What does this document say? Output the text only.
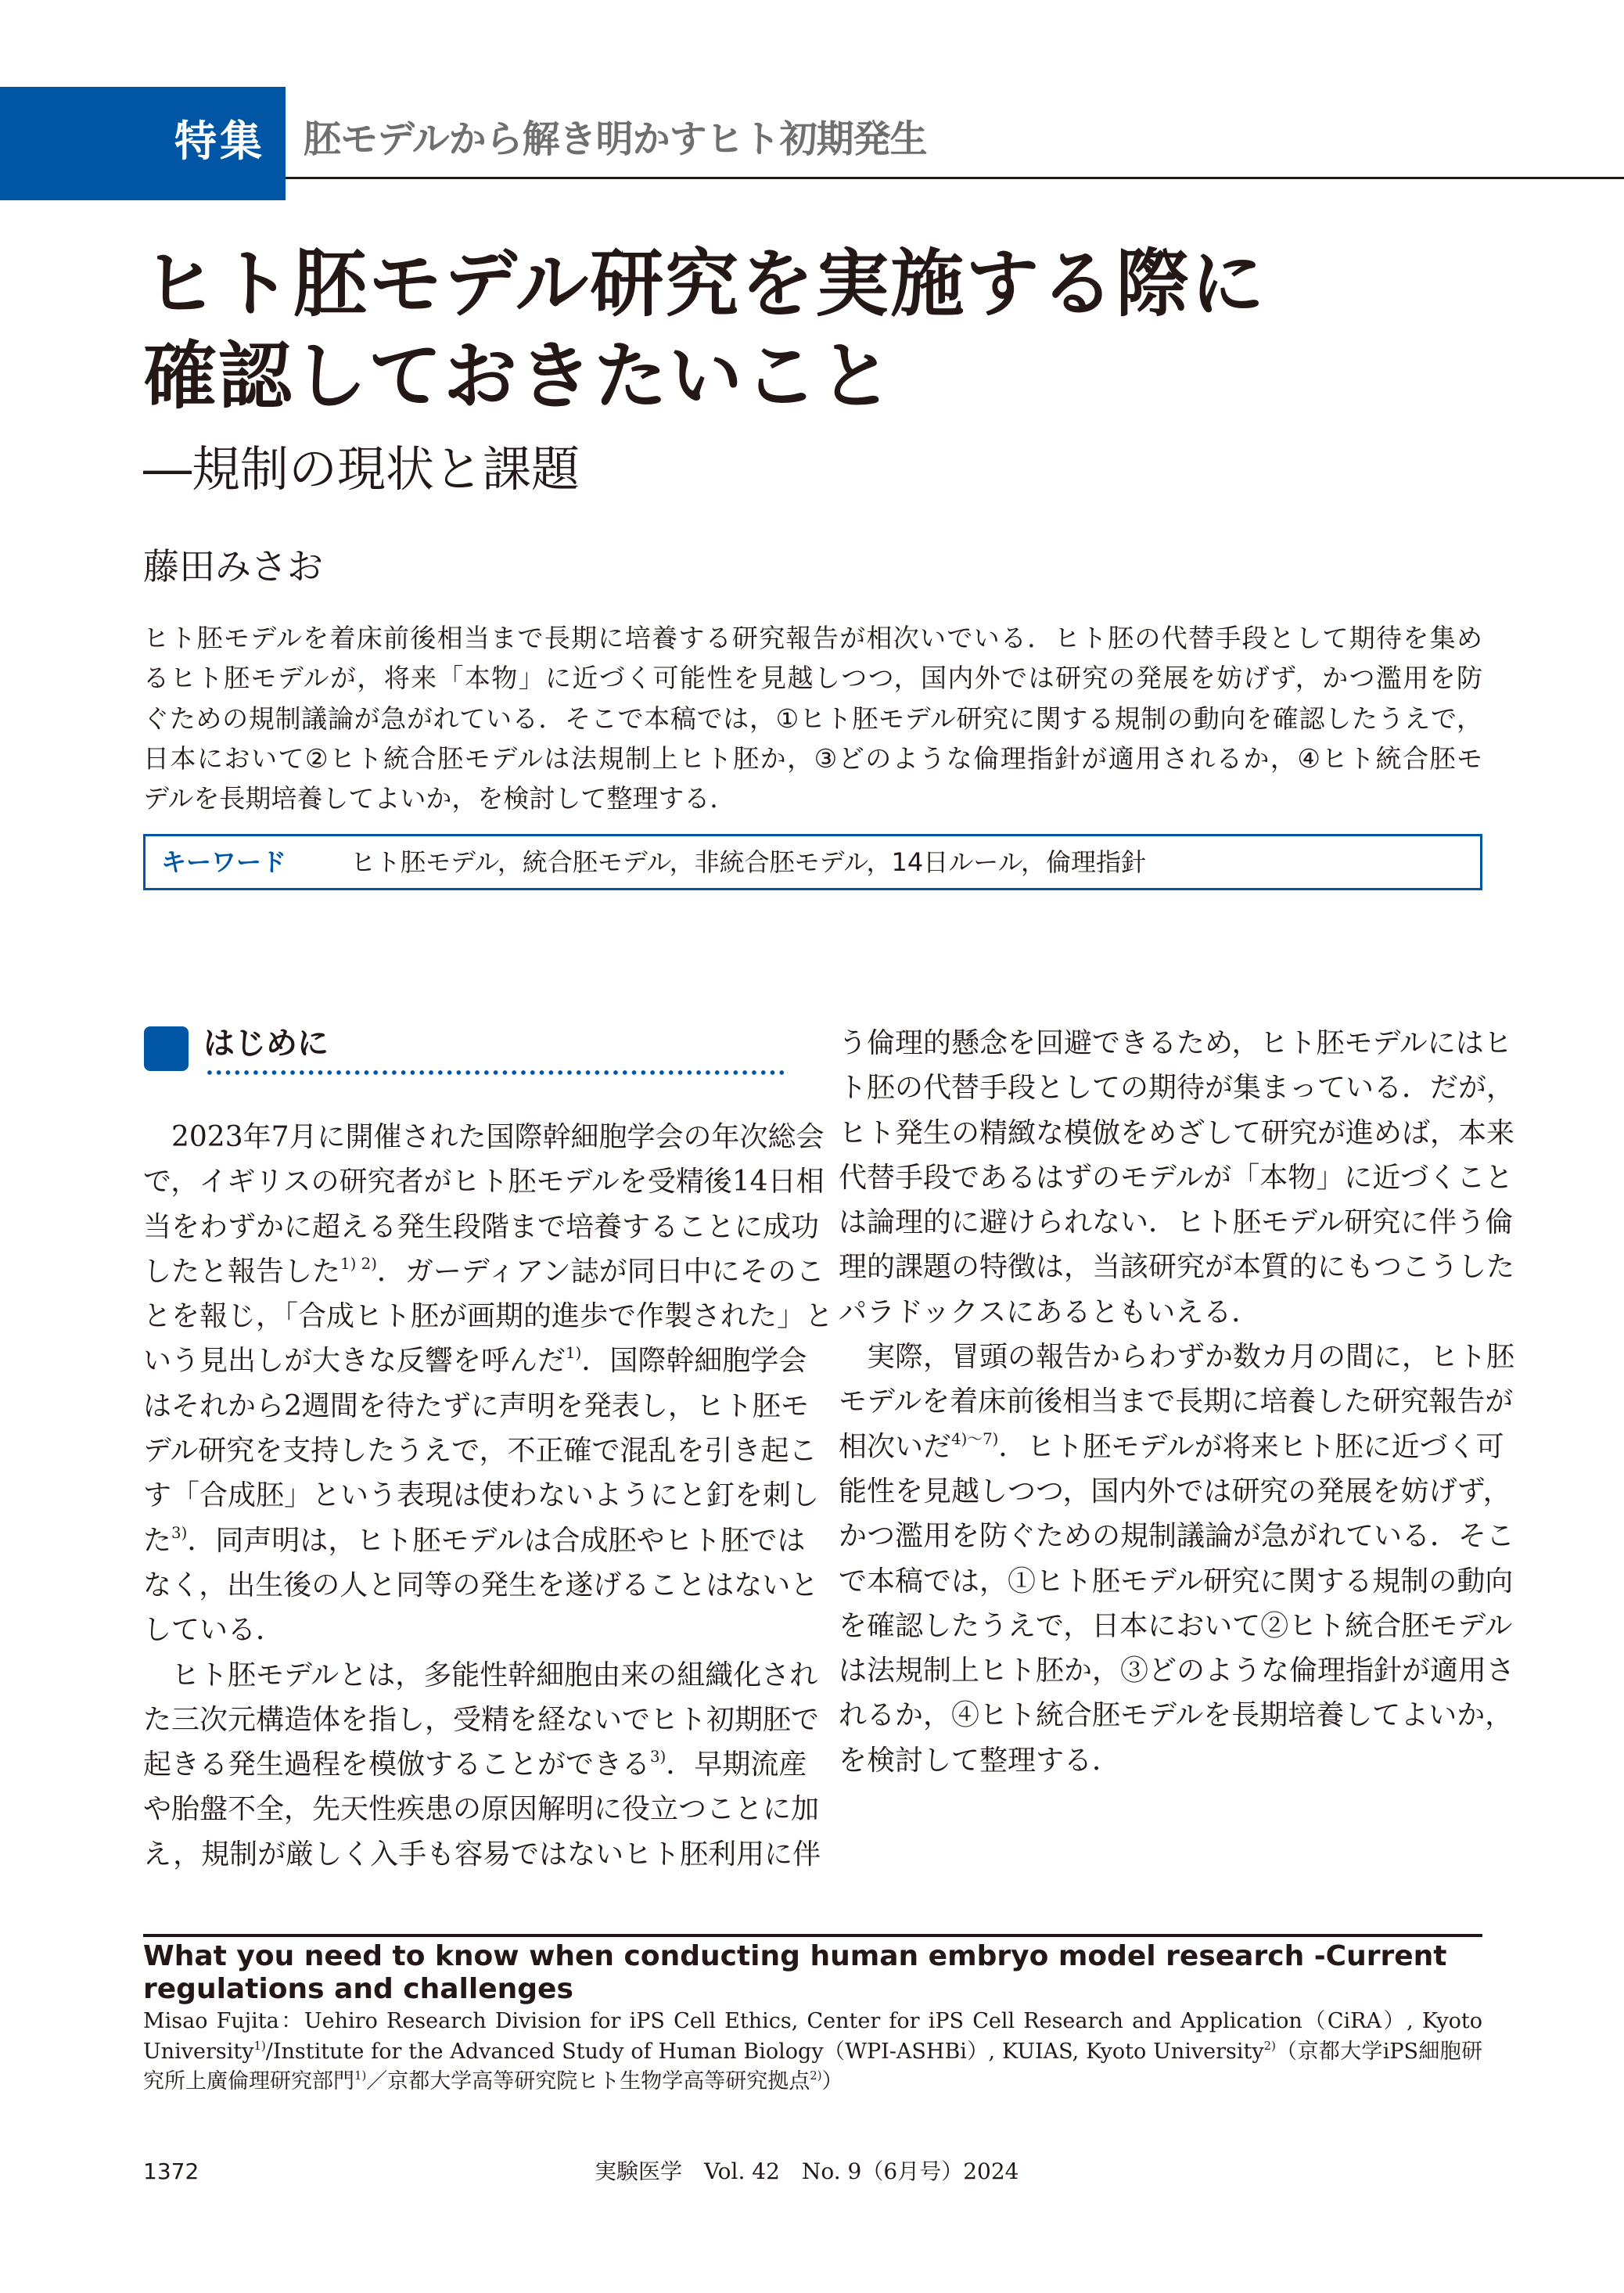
特集 胚モデルから解き明かすヒト初期発生
ヒト胚モデル研究を実施する際に
確認しておきたいこと
―規制の現状と課題
藤田みさお
ヒト胚モデルを着床前後相当まで長期に培養する研究報告が相次いでいる．ヒト胚の代替手段として期待を集め
るヒト胚モデルが，将来「本物」に近づく可能性を見越しつつ，国内外では研究の発展を妨げず，かつ濫用を防
ぐための規制議論が急がれている．そこで本稿では，①ヒト胚モデル研究に関する規制の動向を確認したうえで，
日本において②ヒト統合胚モデルは法規制上ヒト胚か，③どのような倫理指針が適用されるか，④ヒト統合胚モ
デルを長期培養してよいか，を検討して整理する．
キーワード	ヒト胚モデル，統合胚モデル，非統合胚モデル，14日ルール，倫理指針
はじめに
2023年7月に開催された国際幹細胞学会の年次総会
で，イギリスの研究者がヒト胚モデルを受精後14日相
当をわずかに超える発生段階まで培養することに成功
したと報告した$^{1) 2)}$．ガーディアン誌が同日中にそのこ
とを報じ，「合成ヒト胚が画期的進歩で作製された」と
いう見出しが大きな反響を呼んだ$^{1)}$．国際幹細胞学会
はそれから2週間を待たずに声明を発表し，ヒト胚モ
デル研究を支持したうえで，不正確で混乱を引き起こ
す「合成胚」という表現は使わないようにと釘を刺し
た$^{3)}$．同声明は，ヒト胚モデルは合成胚やヒト胚では
なく，出生後の人と同等の発生を遂げることはないと
している．
ヒト胚モデルとは，多能性幹細胞由来の組織化され
た三次元構造体を指し，受精を経ないでヒト初期胚で
起きる発生過程を模倣することができる$^{3)}$．早期流産
や胎盤不全，先天性疾患の原因解明に役立つことに加
え，規制が厳しく入手も容易ではないヒト胚利用に伴
う倫理的懸念を回避できるため，ヒト胚モデルにはヒ
ト胚の代替手段としての期待が集まっている．だが，
ヒト発生の精緻な模倣をめざして研究が進めば，本来
代替手段であるはずのモデルが「本物」に近づくこと
は論理的に避けられない．ヒト胚モデル研究に伴う倫
理的課題の特徴は，当該研究が本質的にもつこうした
パラドックスにあるともいえる．
実際，冒頭の報告からわずか数カ月の間に，ヒト胚
モデルを着床前後相当まで長期に培養した研究報告が
相次いだ$^{4)\sim 7)}$．ヒト胚モデルが将来ヒト胚に近づく可
能性を見越しつつ，国内外では研究の発展を妨げず，
かつ濫用を防ぐための規制議論が急がれている．そこ
で本稿では，①ヒト胚モデル研究に関する規制の動向
を確認したうえで，日本において②ヒト統合胚モデル
は法規制上ヒト胚か，③どのような倫理指針が適用さ
れるか，④ヒト統合胚モデルを長期培養してよいか，
を検討して整理する．
What you need to know when conducting human embryo model research -Current regulations and challenges
Misao Fujita：Uehiro Research Division for iPS Cell Ethics, Center for iPS Cell Research and Application（CiRA）, Kyoto University$^{1)}$/Institute for the Advanced Study of Human Biology（WPI-ASHBi）, KUIAS, Kyoto University$^{2)}$（京都大学iPS細胞研究所上廣倫理研究部門$^{1)}$／京都大学高等研究院ヒト生物学高等研究拠点$^{2)}$）
1372	実験医学　Vol. 42　No. 9（6月号）2024
